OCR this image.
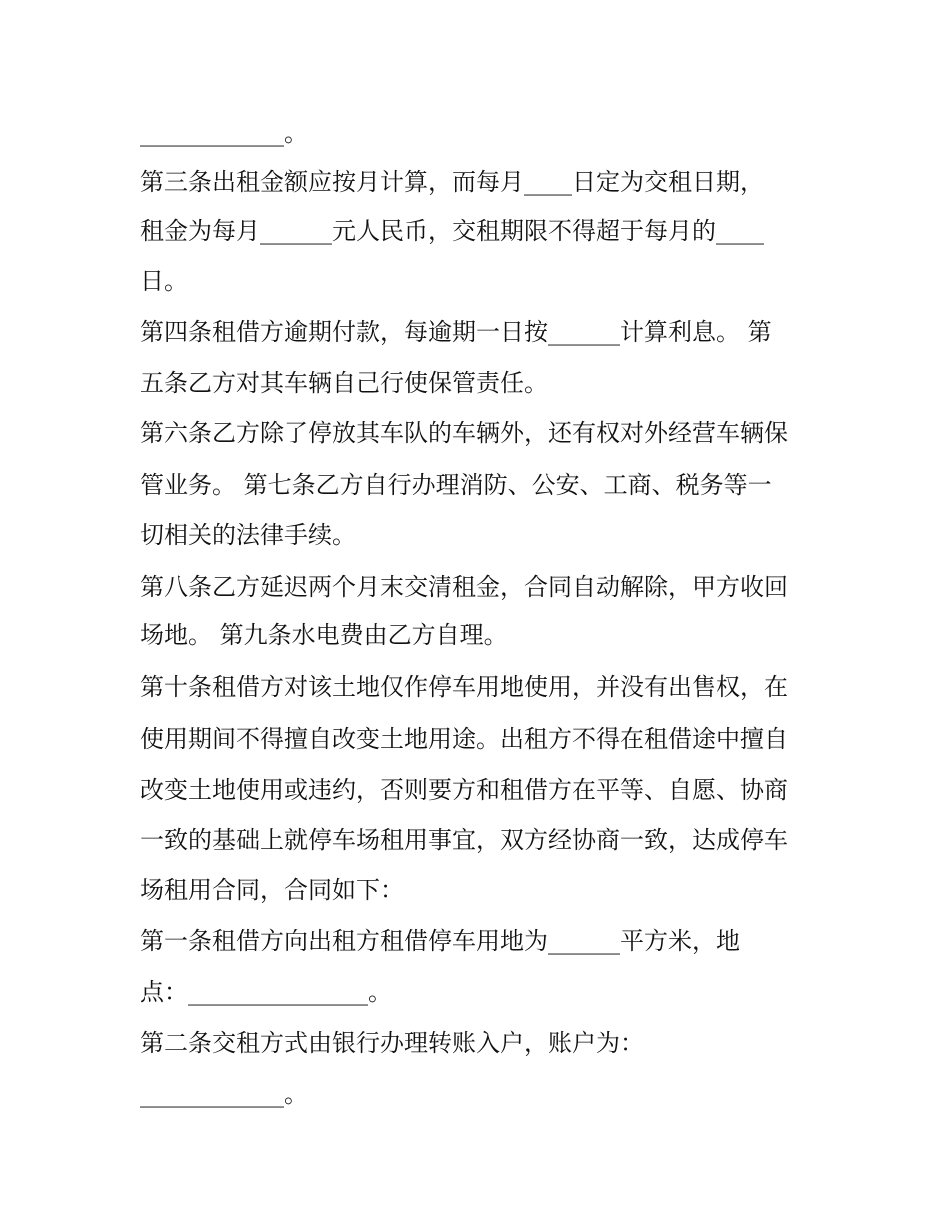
____________。

第三条出租金额应按月计算，而每月____日定为交租日期，

租金为每月______元人民币，交租期限不得超于每月的____

日。

第四条租借方逾期付款，每逾期一日按______计算利息。 第

五条乙方对其车辆自己行使保管责任。

第六条乙方除了停放其车队的车辆外，还有权对外经营车辆保

管业务。 第七条乙方自行办理消防、公安、工商、税务等一

切相关的法律手续。

第八条乙方延迟两个月末交清租金，合同自动解除，甲方收回

场地。 第九条水电费由乙方自理。

第十条租借方对该土地仅作停车用地使用，并没有出售权，在

使用期间不得擅自改变土地用途。出租方不得在租借途中擅自

改变土地使用或违约，否则要方和租借方在平等、自愿、协商

一致的基础上就停车场租用事宜，双方经协商一致，达成停车

场租用合同，合同如下：

第一条租借方向出租方租借停车用地为______平方米，地

点：_______________。

第二条交租方式由银行办理转账入户，账户为：

____________。
